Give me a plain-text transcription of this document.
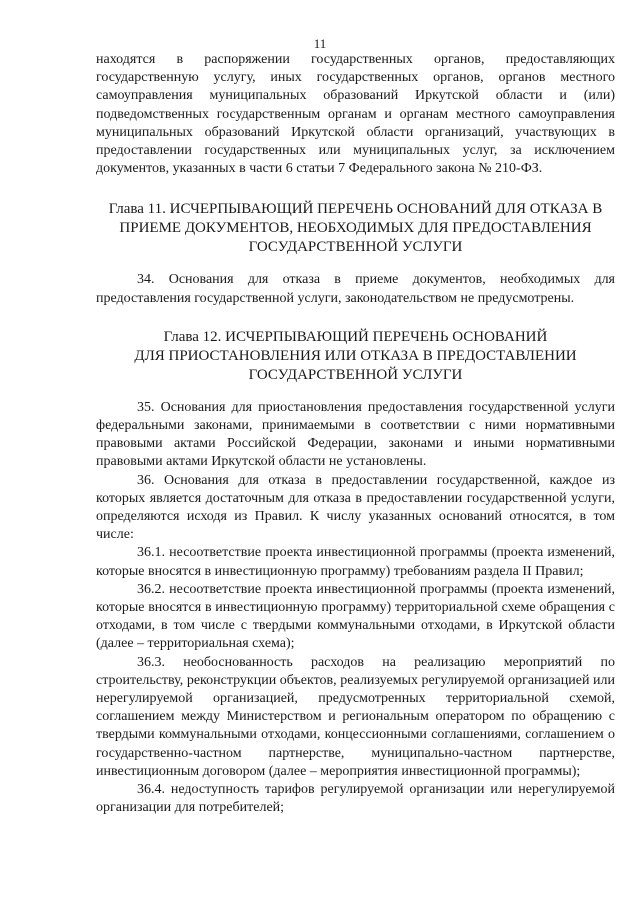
11

находятся в распоряжении государственных органов, предоставляющих государственную услугу, иных государственных органов, органов местного самоуправления муниципальных образований Иркутской области и (или) подведомственных государственным органам и органам местного самоуправления муниципальных образований Иркутской области организаций, участвующих в предоставлении государственных или муниципальных услуг, за исключением документов, указанных в части 6 статьи 7 Федерального закона № 210-ФЗ.

Глава 11. ИСЧЕРПЫВАЮЩИЙ ПЕРЕЧЕНЬ ОСНОВАНИЙ ДЛЯ ОТКАЗА В
ПРИЕМЕ ДОКУМЕНТОВ, НЕОБХОДИМЫХ ДЛЯ ПРЕДОСТАВЛЕНИЯ
ГОСУДАРСТВЕННОЙ УСЛУГИ

34. Основания для отказа в приеме документов, необходимых для предоставления государственной услуги, законодательством не предусмотрены.

Глава 12. ИСЧЕРПЫВАЮЩИЙ ПЕРЕЧЕНЬ ОСНОВАНИЙ
ДЛЯ ПРИОСТАНОВЛЕНИЯ ИЛИ ОТКАЗА В ПРЕДОСТАВЛЕНИИ
ГОСУДАРСТВЕННОЙ УСЛУГИ

35. Основания для приостановления предоставления государственной услуги федеральными законами, принимаемыми в соответствии с ними нормативными правовыми актами Российской Федерации, законами и иными нормативными правовыми актами Иркутской области не установлены.

36. Основания для отказа в предоставлении государственной, каждое из которых является достаточным для отказа в предоставлении государственной услуги, определяются исходя из Правил. К числу указанных оснований относятся, в том числе:

36.1. несоответствие проекта инвестиционной программы (проекта изменений, которые вносятся в инвестиционную программу) требованиям раздела II Правил;

36.2. несоответствие проекта инвестиционной программы (проекта изменений, которые вносятся в инвестиционную программу) территориальной схеме обращения с отходами, в том числе с твердыми коммунальными отходами, в Иркутской области (далее – территориальная схема);

36.3. необоснованность расходов на реализацию мероприятий по строительству, реконструкции объектов, реализуемых регулируемой организацией или нерегулируемой организацией, предусмотренных территориальной схемой, соглашением между Министерством и региональным оператором по обращению с твердыми коммунальными отходами, концессионными соглашениями, соглашением о государственно-частном партнерстве, муниципально-частном партнерстве, инвестиционным договором (далее – мероприятия инвестиционной программы);

36.4. недоступность тарифов регулируемой организации или нерегулируемой организации для потребителей;
